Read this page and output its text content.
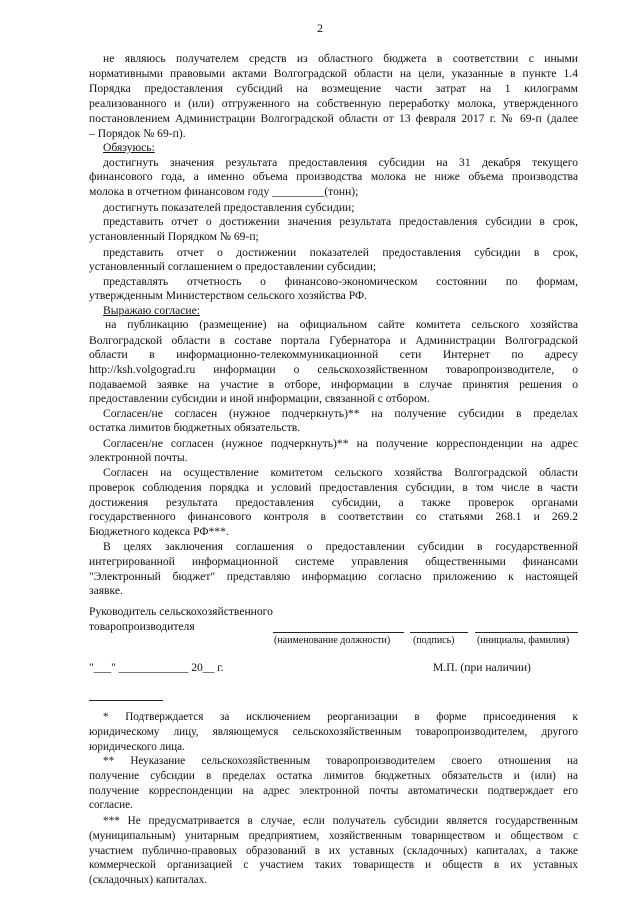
2
не являюсь получателем средств из областного бюджета в соответствии с иными
нормативными правовыми актами Волгоградской области на цели, указанные в пункте 1.4
Порядка предоставления субсидий на возмещение части затрат на 1 килограмм
реализованного и (или) отгруженного на собственную переработку молока, утвержденного
постановлением Администрации Волгоградской области от 13 февраля 2017 г. № 69-п (далее
– Порядок № 69-п).
Обязуюсь:
достигнуть значения результата предоставления субсидии на 31 декабря текущего
финансового года, а именно объема производства молока не ниже объема производства
молока в отчетном финансовом году _________(тонн);
достигнуть показателей предоставления субсидии;
представить отчет о достижении значения результата предоставления субсидии в срок,
установленный Порядком № 69-п;
представить отчет о достижении показателей предоставления субсидии в срок,
установленный соглашением о предоставлении субсидии;
представлять отчетность о финансово-экономическом состоянии по формам,
утвержденным Министерством сельского хозяйства РФ.
Выражаю согласие:
на публикацию (размещение) на официальном сайте комитета сельского хозяйства
Волгоградской области в составе портала Губернатора и Администрации Волгоградской
области в информационно-телекоммуникационной сети Интернет по адресу
http://ksh.volgograd.ru информации о сельскохозяйственном товаропроизводителе, о
подаваемой заявке на участие в отборе, информации в случае принятия решения о
предоставлении субсидии и иной информации, связанной с отбором.
Согласен/не согласен (нужное подчеркнуть)** на получение субсидии в пределах
остатка лимитов бюджетных обязательств.
Согласен/не согласен (нужное подчеркнуть)** на получение корреспонденции на адрес
электронной почты.
Согласен на осуществление комитетом сельского хозяйства Волгоградской области
проверок соблюдения порядка и условий предоставления субсидии, в том числе в части
достижения результата предоставления субсидии, а также проверок органами
государственного финансового контроля в соответствии со статьями 268.1 и 269.2
Бюджетного кодекса РФ***.
В целях заключения соглашения о предоставлении субсидии в государственной
интегрированной информационной системе управления общественными финансами
"Электронный бюджет" представляю информацию согласно приложению к настоящей
заявке.
Руководитель сельскохозяйственного
товаропроизводителя
(наименование должности) (подпись) (инициалы, фамилия)
"___" ____________ 20__ г.	М.П. (при наличии)
* Подтверждается за исключением реорганизации в форме присоединения к
юридическому лицу, являющемуся сельскохозяйственным товаропроизводителем, другого
юридического лица.
** Неуказание сельскохозяйственным товаропроизводителем своего отношения на
получение субсидии в пределах остатка лимитов бюджетных обязательств и (или) на
получение корреспонденции на адрес электронной почты автоматически подтверждает его
согласие.
*** Не предусматривается в случае, если получатель субсидии является государственным
(муниципальным) унитарным предприятием, хозяйственным товариществом и обществом с
участием публично-правовых образований в их уставных (складочных) капиталах, а также
коммерческой организацией с участием таких товариществ и обществ в их уставных
(складочных) капиталах.
